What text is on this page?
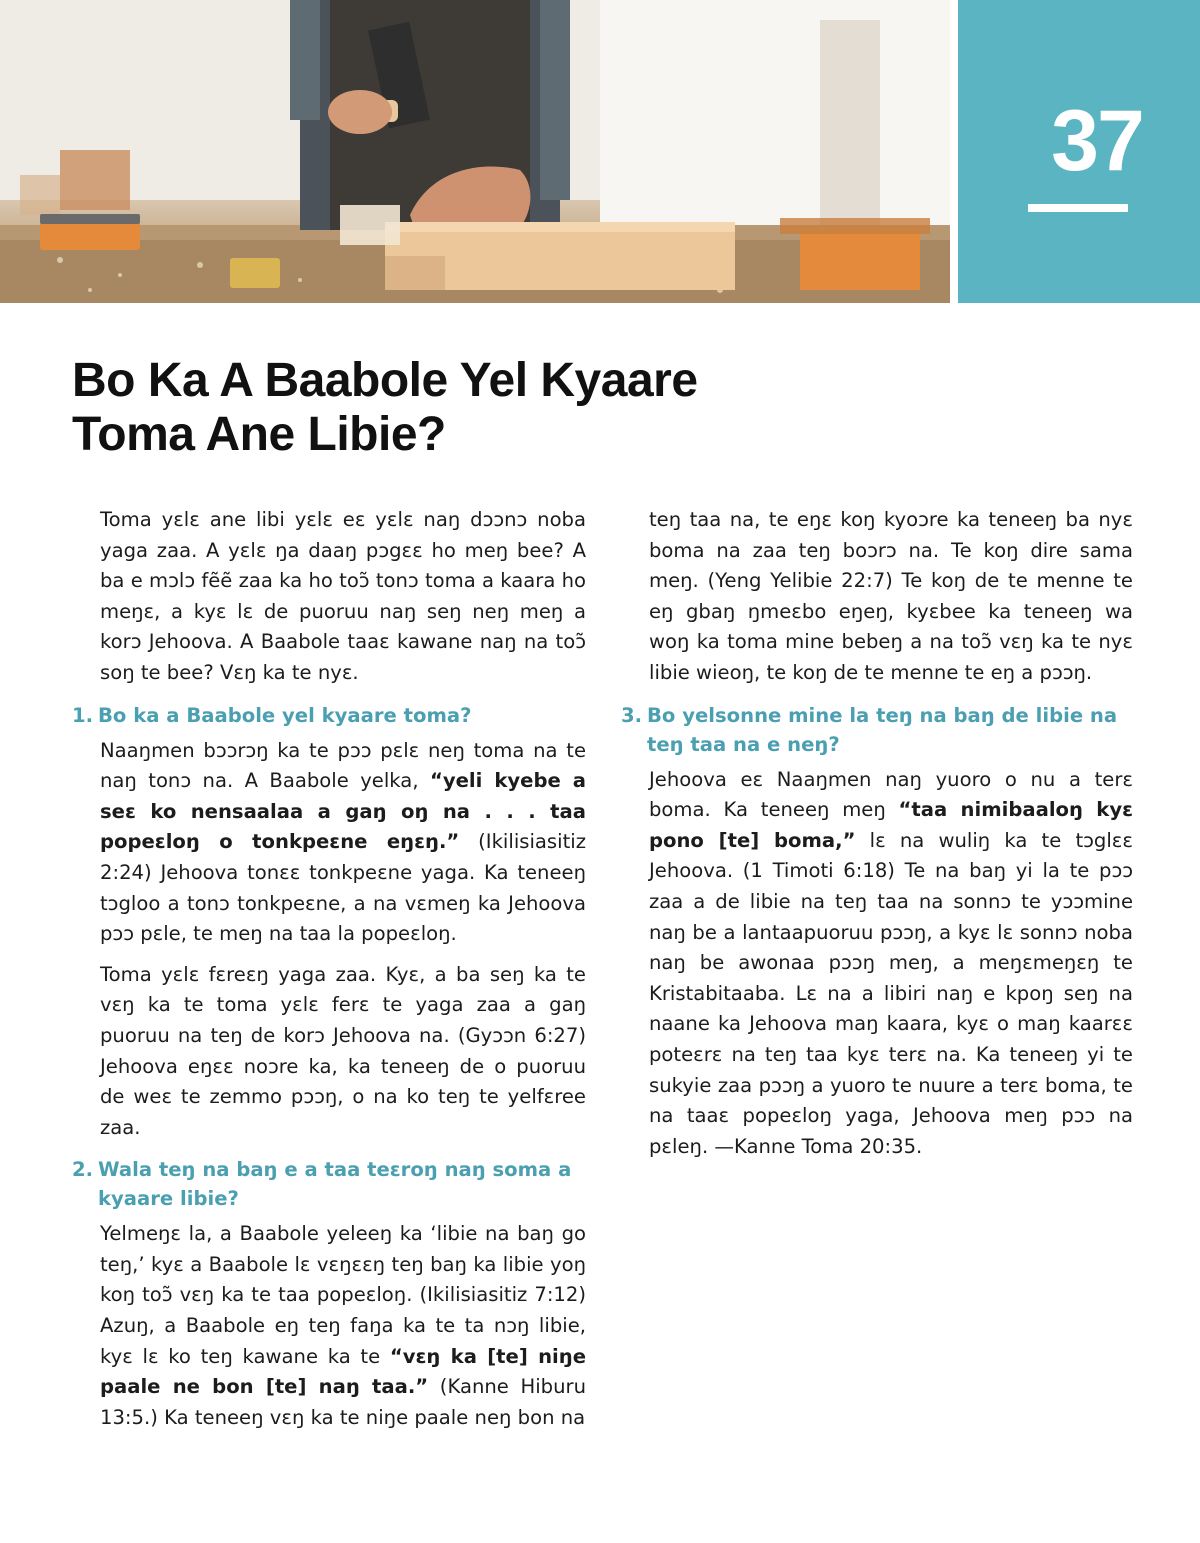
37
Bo Ka A Baabole Yel Kyaare
Toma Ane Libie?

Toma yɛlɛ ane libi yɛlɛ eɛ yɛlɛ naŋ dɔɔnɔ noba yaga zaa. A yɛlɛ ŋa daaŋ pɔgɛɛ ho meŋ bee? A ba e mɔlɔ fẽẽ zaa ka ho toɔ̃ tonɔ toma a kaara ho meŋɛ, a kyɛ lɛ de puoruu naŋ seŋ neŋ meŋ a korɔ Jehoova. A Baabole taaɛ kawane naŋ na toɔ̃ soŋ te bee? Vɛŋ ka te nyɛ.

1. Bo ka a Baabole yel kyaare toma?

Naaŋmen bɔɔrɔŋ ka te pɔɔ pɛlɛ neŋ toma na te naŋ tonɔ na. A Baabole yelka, “yeli kyebe a seɛ ko nensaalaa a gaŋ oŋ na . . . taa popeɛloŋ o tonkpeɛne eŋɛŋ.” (Ikilisiasitiz 2:24) Jehoova tonɛɛ tonkpeɛne yaga. Ka teneeŋ tɔgloo a tonɔ tonkpeɛne, a na vɛmeŋ ka Jehoova pɔɔ pɛle, te meŋ na taa la popeɛloŋ.

Toma yɛlɛ fɛreɛŋ yaga zaa. Kyɛ, a ba seŋ ka te vɛŋ ka te toma yɛlɛ ferɛ te yaga zaa a gaŋ puoruu na teŋ de korɔ Jehoova na. (Gyɔɔn 6:27) Jehoova eŋɛɛ noɔre ka, ka teneeŋ de o puoruu de weɛ te zemmo pɔɔŋ, o na ko teŋ te yelfɛree zaa.

2. Wala teŋ na baŋ e a taa teɛroŋ naŋ soma a kyaare libie?

Yelmeŋɛ la, a Baabole yeleeŋ ka ‘libie na baŋ go teŋ,’ kyɛ a Baabole lɛ vɛŋɛɛŋ teŋ baŋ ka libie yoŋ koŋ toɔ̃ vɛŋ ka te taa popeɛloŋ. (Ikilisiasitiz 7:12) Azuŋ, a Baabole eŋ teŋ faŋa ka te ta nɔŋ libie, kyɛ lɛ ko teŋ kawane ka te “vɛŋ ka [te] niŋe paale ne bon [te] naŋ taa.” (Kanne Hiburu 13:5.) Ka teneeŋ vɛŋ ka te niŋe paale neŋ bon na

teŋ taa na, te eŋɛ koŋ kyoɔre ka teneeŋ ba nyɛ boma na zaa teŋ boɔrɔ na. Te koŋ dire sama meŋ. (Yeng Yelibie 22:7) Te koŋ de te menne te eŋ gbaŋ ŋmeɛbo eŋeŋ, kyɛbee ka teneeŋ wa woŋ ka toma mine bebeŋ a na toɔ̃ vɛŋ ka te nyɛ libie wieoŋ, te koŋ de te menne te eŋ a pɔɔŋ.

3. Bo yelsonne mine la teŋ na baŋ de libie na teŋ taa na e neŋ?

Jehoova eɛ Naaŋmen naŋ yuoro o nu a terɛ boma. Ka teneeŋ meŋ “taa nimibaaloŋ kyɛ pono [te] boma,” lɛ na wuliŋ ka te tɔglɛɛ Jehoova. (1 Timoti 6:18) Te na baŋ yi la te pɔɔ zaa a de libie na teŋ taa na sonnɔ te yɔɔmine naŋ be a lantaapuoruu pɔɔŋ, a kyɛ lɛ sonnɔ noba naŋ be awonaa pɔɔŋ meŋ, a meŋɛmeŋɛŋ te Kristabitaaba. Lɛ na a libiri naŋ e kpoŋ seŋ na naane ka Jehoova maŋ kaara, kyɛ o maŋ kaarɛɛ poteɛrɛ na teŋ taa kyɛ terɛ na. Ka teneeŋ yi te sukyie zaa pɔɔŋ a yuoro te nuure a terɛ boma, te na taaɛ popeɛloŋ yaga, Jehoova meŋ pɔɔ na pɛleŋ. —Kanne Toma 20:35.
